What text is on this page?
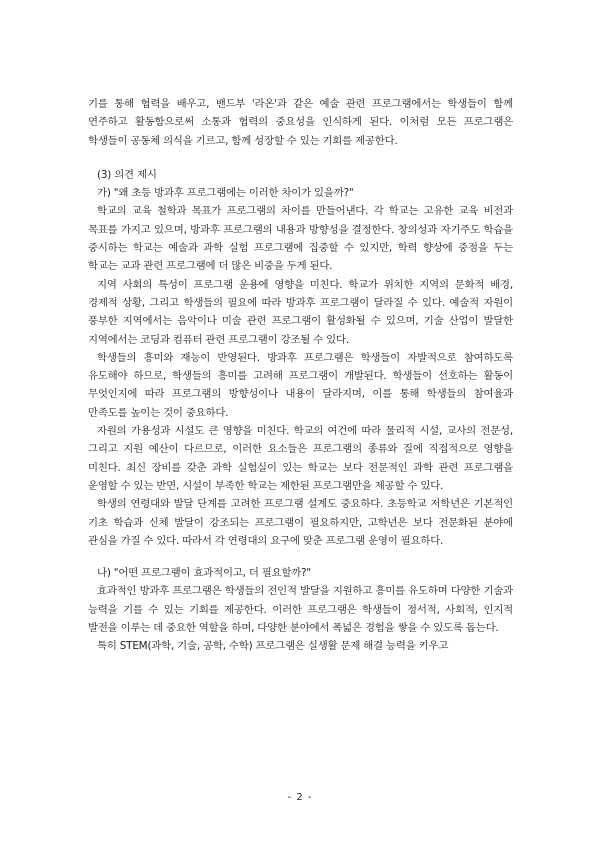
기를 통해 협력을 배우고, 밴드부 '라온'과 같은 예술 관련 프로그램에서는 학생들이 함께 연주하고 활동함으로써 소통과 협력의 중요성을 인식하게 된다. 이처럼 모든 프로그램은 학생들이 공동체 의식을 기르고, 함께 성장할 수 있는 기회를 제공한다.

(3) 의견 제시

가) "왜 초등 방과후 프로그램에는 이러한 차이가 있을까?"

학교의 교육 철학과 목표가 프로그램의 차이를 만들어낸다. 각 학교는 고유한 교육 비전과 목표를 가지고 있으며, 방과후 프로그램의 내용과 방향성을 결정한다. 창의성과 자기주도 학습을 중시하는 학교는 예술과 과학 실험 프로그램에 집중할 수 있지만, 학력 향상에 중점을 두는 학교는 교과 관련 프로그램에 더 많은 비중을 두게 된다.

지역 사회의 특성이 프로그램 운용에 영향을 미친다. 학교가 위치한 지역의 문화적 배경, 경제적 상황, 그리고 학생들의 필요에 따라 방과후 프로그램이 달라질 수 있다. 예술적 자원이 풍부한 지역에서는 음악이나 미술 관련 프로그램이 활성화될 수 있으며, 기술 산업이 발달한 지역에서는 코딩과 컴퓨터 관련 프로그램이 강조될 수 있다.

학생들의 흥미와 재능이 반영된다. 방과후 프로그램은 학생들이 자발적으로 참여하도록 유도해야 하므로, 학생들의 흥미를 고려해 프로그램이 개발된다. 학생들이 선호하는 활동이 무엇인지에 따라 프로그램의 방향성이나 내용이 달라지며, 이를 통해 학생들의 참여율과 만족도를 높이는 것이 중요하다.

자원의 가용성과 시설도 큰 영향을 미친다. 학교의 여건에 따라 물리적 시설, 교사의 전문성, 그리고 지원 예산이 다르므로, 이러한 요소들은 프로그램의 종류와 질에 직접적으로 영향을 미친다. 최신 장비를 갖춘 과학 실험실이 있는 학교는 보다 전문적인 과학 관련 프로그램을 운영할 수 있는 반면, 시설이 부족한 학교는 제한된 프로그램만을 제공할 수 있다.

학생의 연령대와 발달 단계를 고려한 프로그램 설계도 중요하다. 초등학교 저학년은 기본적인 기초 학습과 신체 발달이 강조되는 프로그램이 필요하지만, 고학년은 보다 전문화된 분야에 관심을 가질 수 있다. 따라서 각 연령대의 요구에 맞춘 프로그램 운영이 필요하다.

나) "어떤 프로그램이 효과적이고, 더 필요할까?"

효과적인 방과후 프로그램은 학생들의 전인적 발달을 지원하고 흥미를 유도하며 다양한 기술과 능력을 기를 수 있는 기회를 제공한다. 이러한 프로그램은 학생들이 정서적, 사회적, 인지적 발전을 이루는 데 중요한 역할을 하며, 다양한 분야에서 폭넓은 경험을 쌓을 수 있도록 돕는다.

특히 STEM(과학, 기술, 공학, 수학) 프로그램은 실생활 문제 해결 능력을 키우고

- 2 -
